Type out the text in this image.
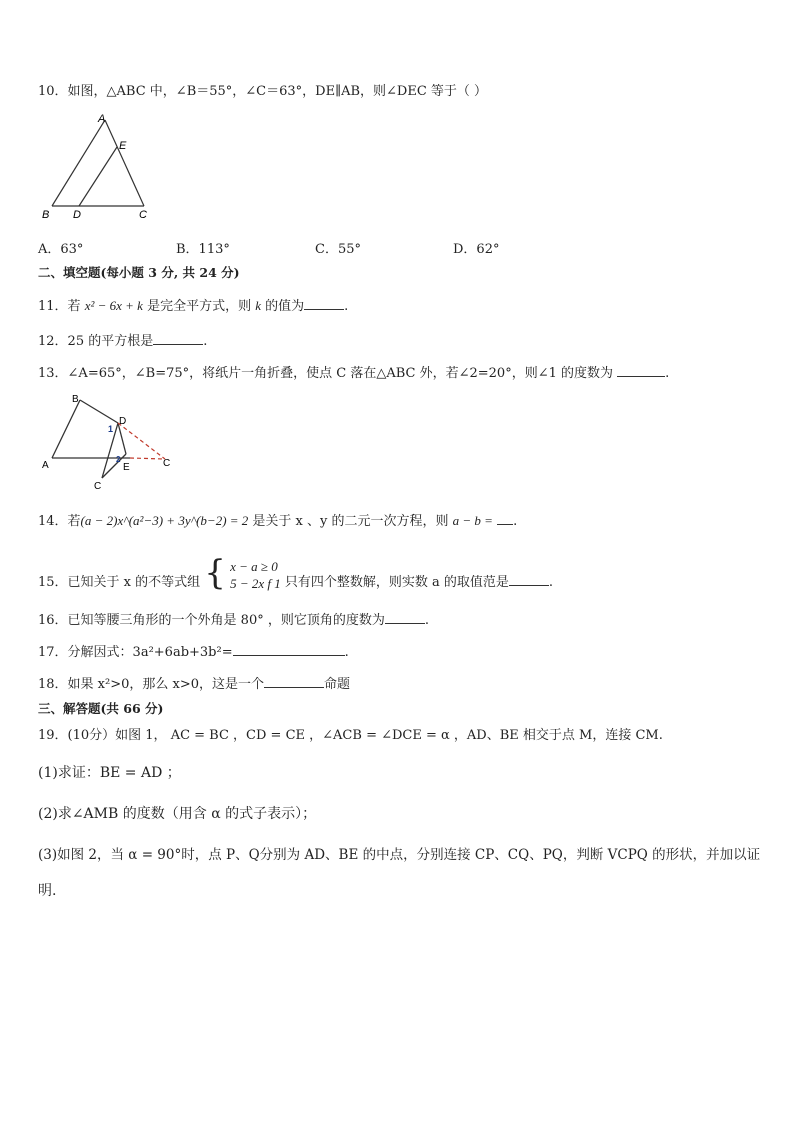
10．如图，△ABC 中，∠B＝55°，∠C＝63°，DE∥AB，则∠DEC 等于（ ）
A
E
B D	C
A．63°	B．113°	C．55°	D．62°
二、填空题(每小题 3 分, 共 24 分)
11．若 x² − 6x + k 是完全平方式，则 k 的值为	.
12．25 的平方根是	.
13．∠A=65°，∠B=75°，将纸片一角折叠，使点 C 落在△ABC 外，若∠2=20°，则∠1 的度数为	.
B
D
1
A
2
E
C
C
14．若(a − 2)x^(a²−3) + 3y^(b−2) = 2 是关于 x 、y 的二元一次方程，则 a − b = .
15．已知关于 x 的不等式组 { x − a ≥ 0
5 − 2x f 1 只有四个整数解，则实数 a 的取值范是	.
16．已知等腰三角形的一个外角是 80° ，则它顶角的度数为	.
17．分解因式：3a²+6ab+3b²=	.
18．如果 x²>0，那么 x>0，这是一个	命题
三、解答题(共 66 分)
19．(10分）如图 1， AC = BC ，CD = CE ，∠ACB = ∠DCE = α ，AD、BE 相交于点 M，连接 CM.
(1)求证：BE = AD ；
(2)求∠AMB 的度数（用含 α 的式子表示）；
(3)如图 2，当 α = 90°时，点 P、Q分别为 AD、BE 的中点，分别连接 CP、CQ、PQ，判断 VCPQ 的形状，并加以证
明.
